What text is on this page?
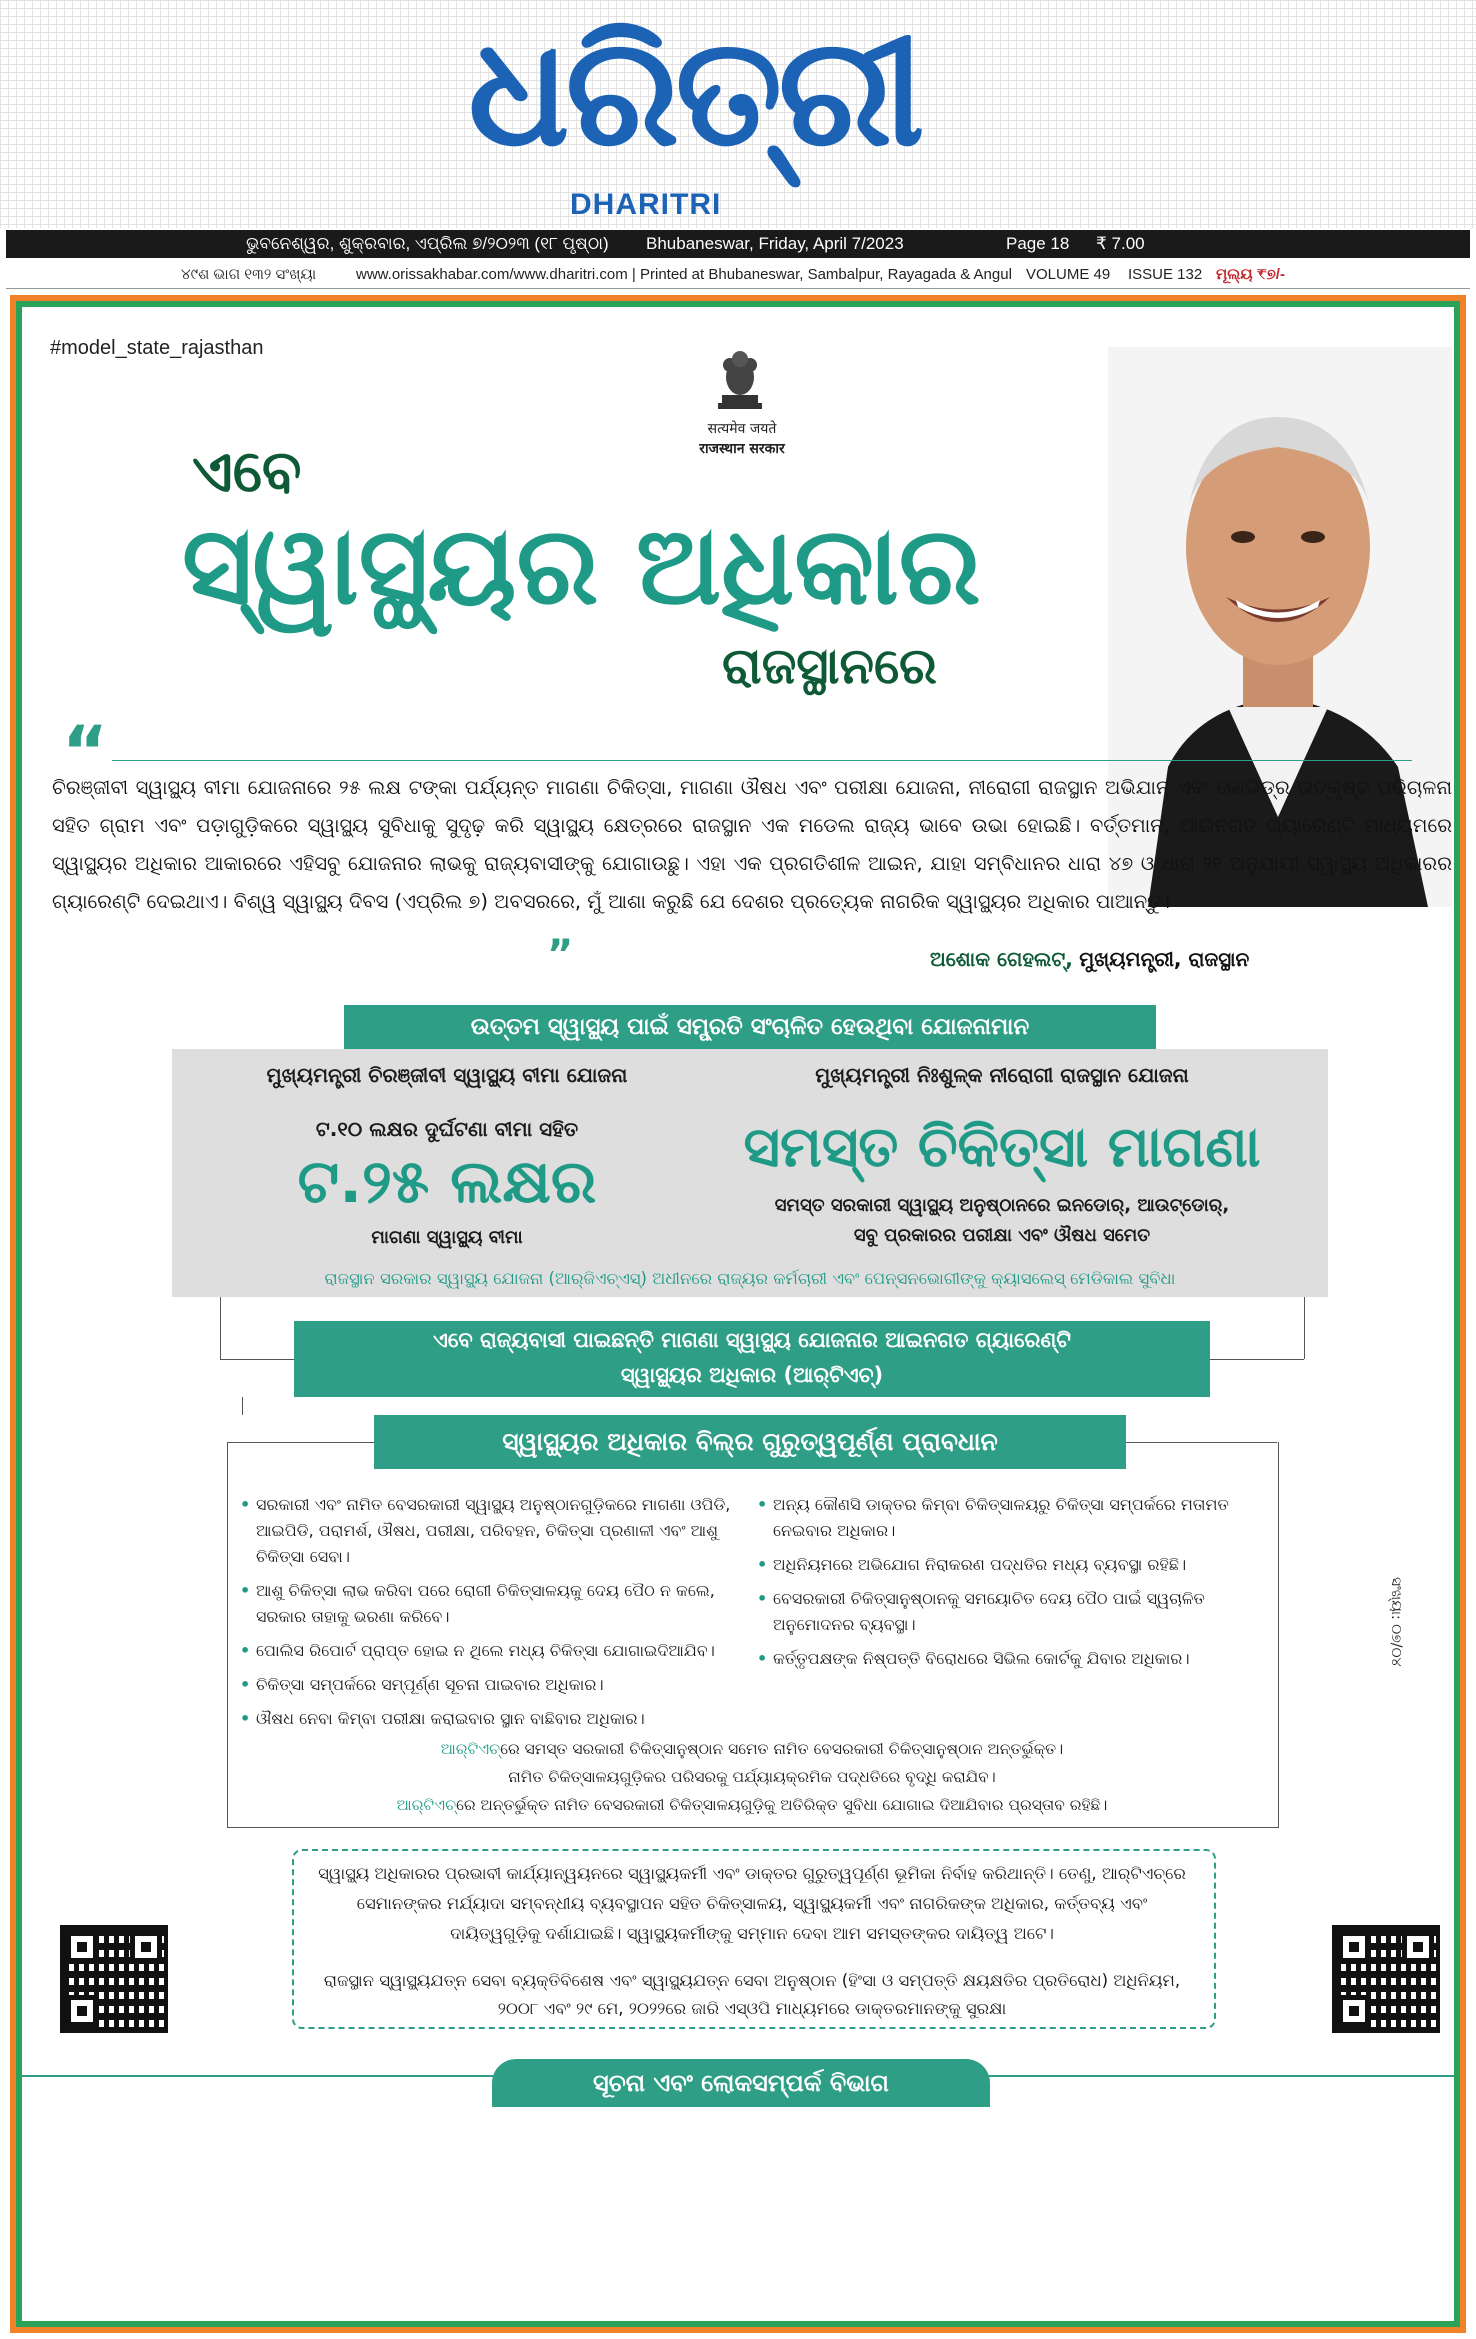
ଧରିତ୍ରୀ
DHARITRI
ଭୁବନେଶ୍ୱର, ଶୁକ୍ରବାର, ଏପ୍ରିଲ ୭/୨୦୨୩ (୧୮ ପୃଷ୍ଠା) Bhubaneswar, Friday, April 7/2023	Page 18 ₹ 7.00
୪୯ଶ ଭାଗ ୧୩୨ ସଂଖ୍ୟା	www.orissakhabar.com/www.dharitri.com | Printed at Bhubaneswar, Sambalpur, Rayagada & Angul VOLUME 49 ISSUE 132 ମୂଲ୍ୟ ₹୭/-
#model_state_rajasthan
सत्यमेव जयते
राजस्थान सरकार
ଏବେ
ସ୍ୱାସ୍ଥ୍ୟର ଅଧିକାର
ରାଜସ୍ଥାନରେ
“
ଚିରଞ୍ଜୀବୀ ସ୍ୱାସ୍ଥ୍ୟ ବୀମା ଯୋଜନାରେ ୨୫ ଲକ୍ଷ ଟଙ୍କା ପର୍ଯ୍ୟନ୍ତ ମାଗଣା ଚିକିତ୍ସା, ମାଗଣା ଔଷଧ ଏବଂ ପରୀକ୍ଷା ଯୋଜନା, ନୀରୋଗୀ ରାଜସ୍ଥାନ ଅଭିଯାନ ଏବଂ କୋଭିଡ୍‌ର ଉତ୍କୃଷ୍ଟ ପରିଚାଳନା ସହିତ ଗ୍ରାମ ଏବଂ ପଡ଼ାଗୁଡ଼ିକରେ ସ୍ୱାସ୍ଥ୍ୟ ସୁବିଧାକୁ ସୁଦୃଢ଼ କରି ସ୍ୱାସ୍ଥ୍ୟ କ୍ଷେତ୍ରରେ ରାଜସ୍ଥାନ ଏକ ମଡେଲ ରାଜ୍ୟ ଭାବେ ଉଭା ହୋଇଛି। ବର୍ତ୍ତମାନ, ଆଇନଗତ ଗ୍ୟାରେଣ୍ଟି ମାଧ୍ୟମରେ ସ୍ୱାସ୍ଥ୍ୟର ଅଧିକାର ଆକାରରେ ଏହିସବୁ ଯୋଜନାର ଲାଭକୁ ରାଜ୍ୟବାସୀଙ୍କୁ ଯୋଗାଉଛୁ। ଏହା ଏକ ପ୍ରଗତିଶୀଳ ଆଇନ, ଯାହା ସମ୍ବିଧାନର ଧାରା ୪୭ ଓ ଧାରା ୨୧ ଅନୁଯାୟୀ ସ୍ୱାସ୍ଥ୍ୟ ଅଧିକାରର ଗ୍ୟାରେଣ୍ଟି ଦେଇଥାଏ। ବିଶ୍ୱ ସ୍ୱାସ୍ଥ୍ୟ ଦିବସ (ଏପ୍ରିଲ ୭) ଅବସରରେ, ମୁଁ ଆଶା କରୁଛି ଯେ ଦେଶର ପ୍ରତ୍ୟେକ ନାଗରିକ ସ୍ୱାସ୍ଥ୍ୟର ଅଧିକାର ପାଆନ୍ତୁ।
”	ଅଶୋକ ଗେହଲଟ୍, ମୁଖ୍ୟମନ୍ତ୍ରୀ, ରାଜସ୍ଥାନ
ଉତ୍ତମ ସ୍ୱାସ୍ଥ୍ୟ ପାଇଁ ସମ୍ପ୍ରତି ସଂଚାଳିତ ହେଉଥିବା ଯୋଜନାମାନ
ମୁଖ୍ୟମନ୍ତ୍ରୀ ଚିରଞ୍ଜୀବୀ ସ୍ୱାସ୍ଥ୍ୟ ବୀମା ଯୋଜନା
ଟ.୧୦ ଲକ୍ଷର ଦୁର୍ଘଟଣା ବୀମା ସହିତ
ଟ.୨୫ ଲକ୍ଷର
ମାଗଣା ସ୍ୱାସ୍ଥ୍ୟ ବୀମା
ମୁଖ୍ୟମନ୍ତ୍ରୀ ନିଃଶୁଳ୍କ ନୀରୋଗୀ ରାଜସ୍ଥାନ ଯୋଜନା
ସମସ୍ତ ଚିକିତ୍ସା ମାଗଣା
ସମସ୍ତ ସରକାରୀ ସ୍ୱାସ୍ଥ୍ୟ ଅନୁଷ୍ଠାନରେ ଇନଡୋର୍, ଆଉଟ୍‌ଡୋର୍,
ସବୁ ପ୍ରକାରର ପରୀକ୍ଷା ଏବଂ ଔଷଧ ସମେତ
ରାଜସ୍ଥାନ ସରକାର ସ୍ୱାସ୍ଥ୍ୟ ଯୋଜନା (ଆର୍‌ଜିଏଚ୍‌ଏସ୍) ଅଧୀନରେ ରାଜ୍ୟର କର୍ମଚାରୀ ଏବଂ ପେନ୍‌ସନଭୋଗୀଙ୍କୁ କ୍ୟାସଲେସ୍ ମେଡିକାଲ ସୁବିଧା
ଏବେ ରାଜ୍ୟବାସୀ ପାଇଛନ୍ତି ମାଗଣା ସ୍ୱାସ୍ଥ୍ୟ ଯୋଜନାର ଆଇନଗତ ଗ୍ୟାରେଣ୍ଟି
ସ୍ୱାସ୍ଥ୍ୟର ଅଧିକାର (ଆର୍‌ଟିଏଚ୍)
ସ୍ୱାସ୍ଥ୍ୟର ଅଧିକାର ବିଲ୍‌ର ଗୁରୁତ୍ୱପୂର୍ଣ୍ଣ ପ୍ରାବଧାନ
• ସରକାରୀ ଏବଂ ନାମିତ ବେସରକାରୀ ସ୍ୱାସ୍ଥ୍ୟ ଅନୁଷ୍ଠାନଗୁଡ଼ିକରେ ମାଗଣା ଓପିଡି, ଆଇପିଡି, ପରାମର୍ଶ, ଔଷଧ, ପରୀକ୍ଷା, ପରିବହନ, ଚିକିତ୍ସା ପ୍ରଣାଳୀ ଏବଂ ଆଶୁ ଚିକିତ୍ସା ସେବା।
• ଆଶୁ ଚିକିତ୍ସା ଲାଭ କରିବା ପରେ ରୋଗୀ ଚିକିତ୍ସାଳୟକୁ ଦେୟ ପୈଠ ନ କଲେ, ସରକାର ତାହାକୁ ଭରଣା କରିବେ।
• ପୋଲିସ ରିପୋର୍ଟ ପ୍ରାପ୍ତ ହୋଇ ନ ଥିଲେ ମଧ୍ୟ ଚିକିତ୍ସା ଯୋଗାଇଦିଆଯିବ।
• ଚିକିତ୍ସା ସମ୍ପର୍କରେ ସମ୍ପୂର୍ଣ୍ଣ ସୂଚନା ପାଇବାର ଅଧିକାର।
• ଔଷଧ ନେବା କିମ୍ବା ପରୀକ୍ଷା କରାଇବାର ସ୍ଥାନ ବାଛିବାର ଅଧିକାର।
• ଅନ୍ୟ କୌଣସି ଡାକ୍ତର କିମ୍ବା ଚିକିତ୍ସାଳୟରୁ ଚିକିତ୍ସା ସମ୍ପର୍କରେ ମତାମତ ନେଇବାର ଅଧିକାର।
• ଅଧିନିୟମରେ ଅଭିଯୋଗ ନିରାକରଣ ପଦ୍ଧତିର ମଧ୍ୟ ବ୍ୟବସ୍ଥା ରହିଛି।
• ବେସରକାରୀ ଚିକିତ୍ସାନୁଷ୍ଠାନକୁ ସମୟୋଚିତ ଦେୟ ପୈଠ ପାଇଁ ସ୍ୱଚାଳିତ ଅନୁମୋଦନର ବ୍ୟବସ୍ଥା।
• କର୍ତ୍ତୃପକ୍ଷଙ୍କ ନିଷ୍ପତ୍ତି ବିରୋଧରେ ସିଭିଲ କୋର୍ଟକୁ ଯିବାର ଅଧିକାର।
ଆର୍‌ଟିଏଚ୍‌ରେ ସମସ୍ତ ସରକାରୀ ଚିକିତ୍ସାନୁଷ୍ଠାନ ସମେତ ନାମିତ ବେସରକାରୀ ଚିକିତ୍ସାନୁଷ୍ଠାନ ଅନ୍ତର୍ଭୁକ୍ତ।
ନାମିତ ଚିକିତ୍ସାଳୟଗୁଡ଼ିକର ପରିସରକୁ ପର୍ଯ୍ୟାୟକ୍ରମିକ ପଦ୍ଧତିରେ ବୃଦ୍ଧି କରାଯିବ।
ଆର୍‌ଟିଏଚ୍‌ରେ ଅନ୍ତର୍ଭୁକ୍ତ ନାମିତ ବେସରକାରୀ ଚିକିତ୍ସାଳୟଗୁଡ଼ିକୁ ଅତିରିକ୍ତ ସୁବିଧା ଯୋଗାଇ ଦିଆଯିବାର ପ୍ରସ୍ତାବ ରହିଛି।
ସ୍ୱାସ୍ଥ୍ୟ ଅଧିକାରର ପ୍ରଭାବୀ କାର୍ଯ୍ୟାନ୍ୱୟନରେ ସ୍ୱାସ୍ଥ୍ୟକର୍ମୀ ଏବଂ ଡାକ୍ତର ଗୁରୁତ୍ୱପୂର୍ଣ୍ଣ ଭୂମିକା ନିର୍ବାହ କରିଥାନ୍ତି। ତେଣୁ, ଆର୍‌ଟିଏଚ୍‌ରେ ସେମାନଙ୍କର ମର୍ଯ୍ୟାଦା ସମ୍ବନ୍ଧୀୟ ବ୍ୟବସ୍ଥାପନ ସହିତ ଚିକିତ୍ସାଳୟ, ସ୍ୱାସ୍ଥ୍ୟକର୍ମୀ ଏବଂ ନାଗରିକଙ୍କ ଅଧିକାର, କର୍ତ୍ତବ୍ୟ ଏବଂ ଦାୟିତ୍ୱଗୁଡ଼ିକୁ ଦର୍ଶାଯାଇଛି। ସ୍ୱାସ୍ଥ୍ୟକର୍ମୀଙ୍କୁ ସମ୍ମାନ ଦେବା ଆମ ସମସ୍ତଙ୍କର ଦାୟିତ୍ୱ ଅଟେ।
ରାଜସ୍ଥାନ ସ୍ୱାସ୍ଥ୍ୟଯତ୍ନ ସେବା ବ୍ୟକ୍ତିବିଶେଷ ଏବଂ ସ୍ୱାସ୍ଥ୍ୟଯତ୍ନ ସେବା ଅନୁଷ୍ଠାନ (ହିଂସା ଓ ସମ୍ପତ୍ତି କ୍ଷୟକ୍ଷତିର ପ୍ରତିରୋଧ) ଅଧିନିୟମ, ୨୦୦୮ ଏବଂ ୨୯ ମେ, ୨୦୨୨ରେ ଜାରି ଏସ୍‌ଓପି ମାଧ୍ୟମରେ ଡାକ୍ତରମାନଙ୍କୁ ସୁରକ୍ଷା
ସଂଖ୍ୟା: ୦୭/୦୪
ସୂଚନା ଏବଂ ଲୋକସମ୍ପର୍କ ବିଭାଗ
